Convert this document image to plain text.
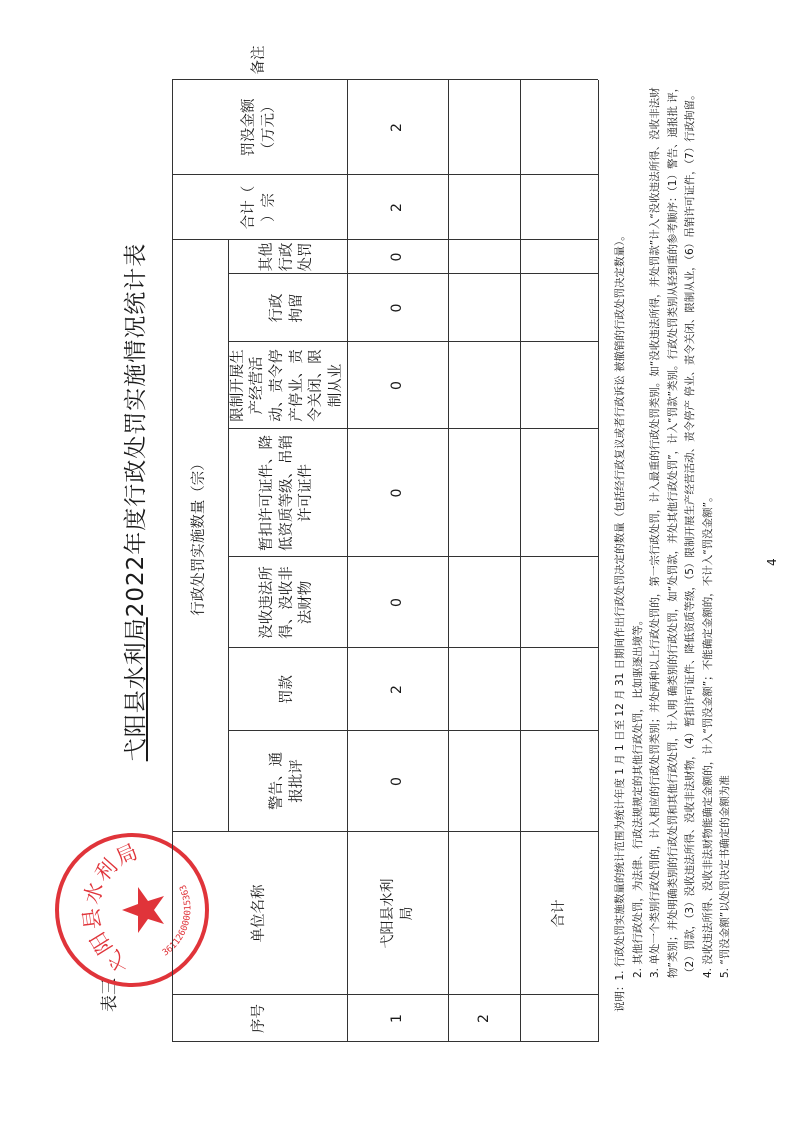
表三
弋阳县水利局2022年度行政处罚实施情况统计表
弋阳县水利局
361126000015363
序号
单位名称
行政处罚实施数量（宗）
警告、通报批评
罚款
没收违法所得、没收非法财物
暂扣许可证件、降低资质等级、吊销许可证件
限制开展生产经营活动、责令停产停业、责令关闭、限制从业
行政拘留
其他行政处罚
合计（ ）宗
罚没金额（万元）
备注
1
弋阳县水利局
0
2
0
0
0
0
0
2
2
2
合计	说明：1. 行政处罚实施数量的统计范围为统计年度 1 月 1 日至 12 月 31 日期间作出行政处罚决定的数量（包括经行政复议或者行政诉讼 被撤销的行政处罚决定数量）。 2. 其他行政处罚，为法律、行政法规规定的其他行政处罚， 比如驱逐出境等。 3. 单处一个类别行政处罚的，计入相应的行政处罚类别；并处两种以上行政处罚的，第一宗行政处罚，计入最重的行政处罚类别。如“没收违法所得，并处罚款”计入“没收违法所得、没收非法财物”类别；并处明确类别的行政处罚和其他行政处罚，计入明 确类别的行政处罚，如“处罚款，并处其他行政处罚”，计入“罚款”类别。行政处罚类别从轻到重的参考顺序：（1）警告、通报批 评，（2）罚款，（3）没收违法所得、没收非法财物，（4）暂扣许可证件、降低资质等级，（5）限制开展生产经营活动、责令停产 停业、责令关闭、限制从业，（6）吊销许可证件，（7）行政拘留。 4. 没收违法所得、没收非法财物能确定金额的，计入“罚没金额”；不能确定金额的，不计入“罚没金额”。 5. “罚没金额”以处罚决定书确定的金额为准
4
